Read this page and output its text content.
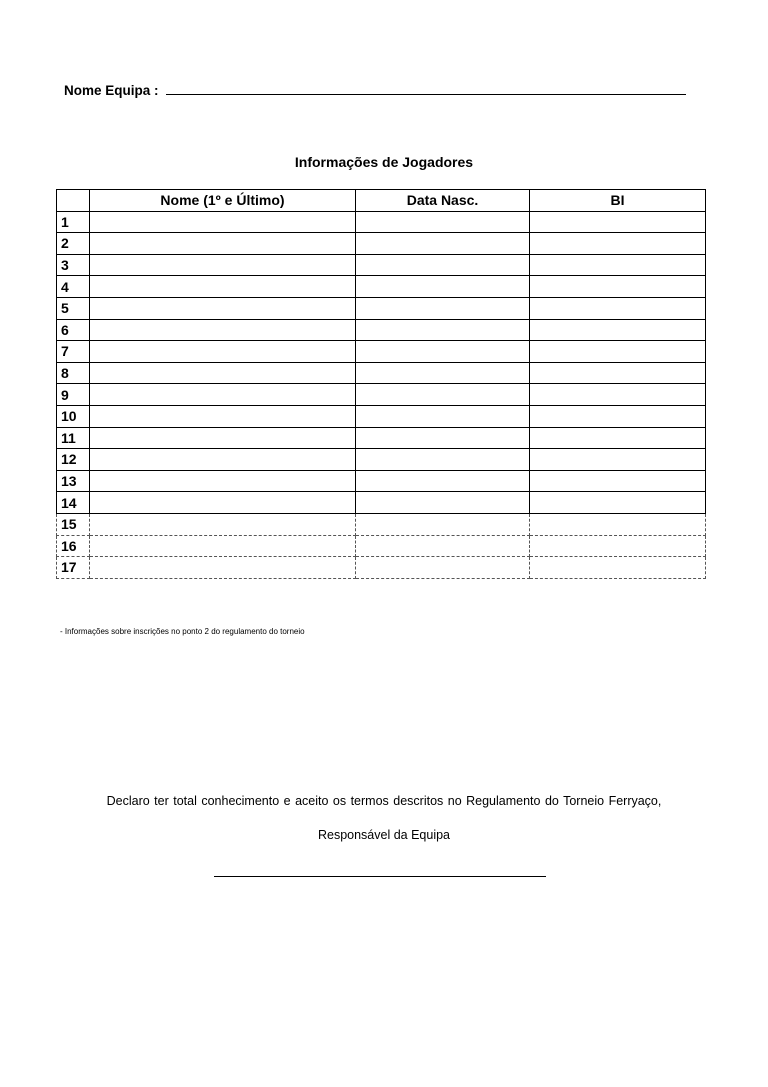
Nome Equipa :
Informações de Jogadores
	Nome (1º e Último)	Data Nasc.	BI
1			
2			
3			
4			
5			
6			
7			
8			
9			
10			
11			
12			
13			
14			
15			
16			
17			
- Informações sobre inscrições no ponto 2 do regulamento do torneio
Declaro ter total conhecimento e aceito os termos descritos no Regulamento do Torneio Ferryaço,
Responsável da Equipa
